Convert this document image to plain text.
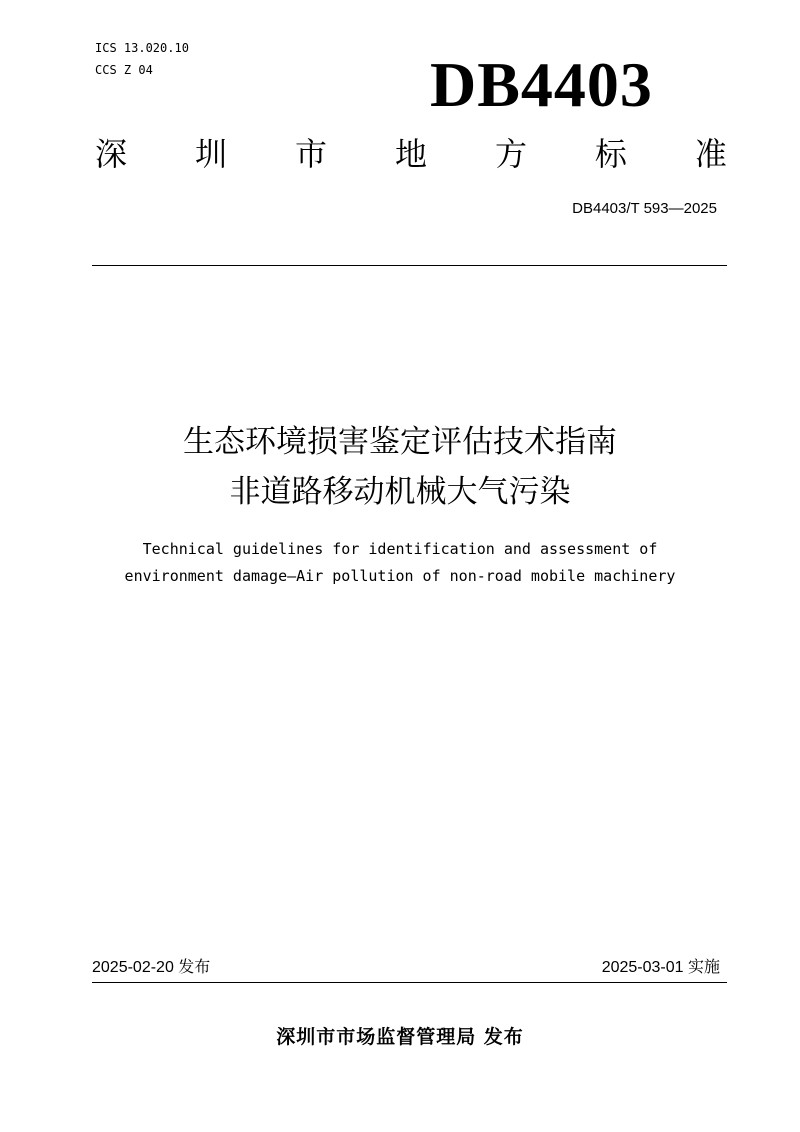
ICS 13.020.10
CCS Z 04	DB4403
深 圳 市 地 方 标 准
DB4403/T 593—2025
生态环境损害鉴定评估技术指南
非道路移动机械大气污染
Technical guidelines for identification and assessment of
environment damage—Air pollution of non-road mobile machinery
2025-02-20 发布	2025-03-01 实施
深圳市市场监督管理局 发布
